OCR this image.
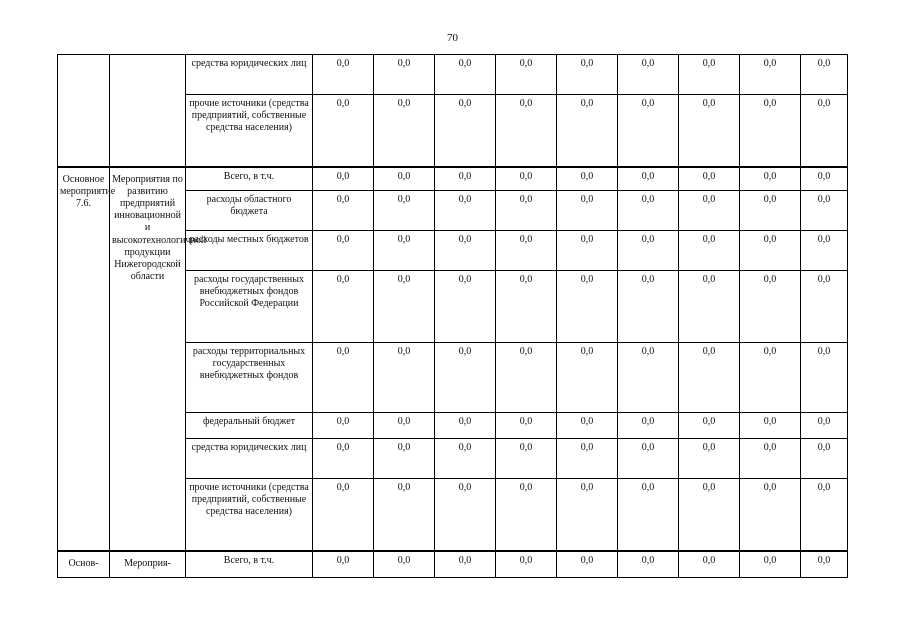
70
		средства юридических лиц	0,0	0,0	0,0	0,0	0,0	0,0	0,0	0,0	0,0
		прочие источники (средства предприятий, собственные средства населения)	0,0	0,0	0,0	0,0	0,0	0,0	0,0	0,0	0,0
Основное мероприятие 7.6.	Мероприятия по развитию предприятий инновационной и высокотехнологичной продукции Нижегородской области	Всего, в т.ч.	0,0	0,0	0,0	0,0	0,0	0,0	0,0	0,0	0,0
		расходы областного бюджета	0,0	0,0	0,0	0,0	0,0	0,0	0,0	0,0	0,0
		расходы местных бюджетов	0,0	0,0	0,0	0,0	0,0	0,0	0,0	0,0	0,0
		расходы государственных внебюджетных фондов Российской Федерации	0,0	0,0	0,0	0,0	0,0	0,0	0,0	0,0	0,0
		расходы территориальных государственных внебюджетных фондов	0,0	0,0	0,0	0,0	0,0	0,0	0,0	0,0	0,0
		федеральный бюджет	0,0	0,0	0,0	0,0	0,0	0,0	0,0	0,0	0,0
		средства юридических лиц	0,0	0,0	0,0	0,0	0,0	0,0	0,0	0,0	0,0
		прочие источники (средства предприятий, собственные средства населения)	0,0	0,0	0,0	0,0	0,0	0,0	0,0	0,0	0,0
Основ-	Мероприя-	Всего, в т.ч.	0,0	0,0	0,0	0,0	0,0	0,0	0,0	0,0	0,0
